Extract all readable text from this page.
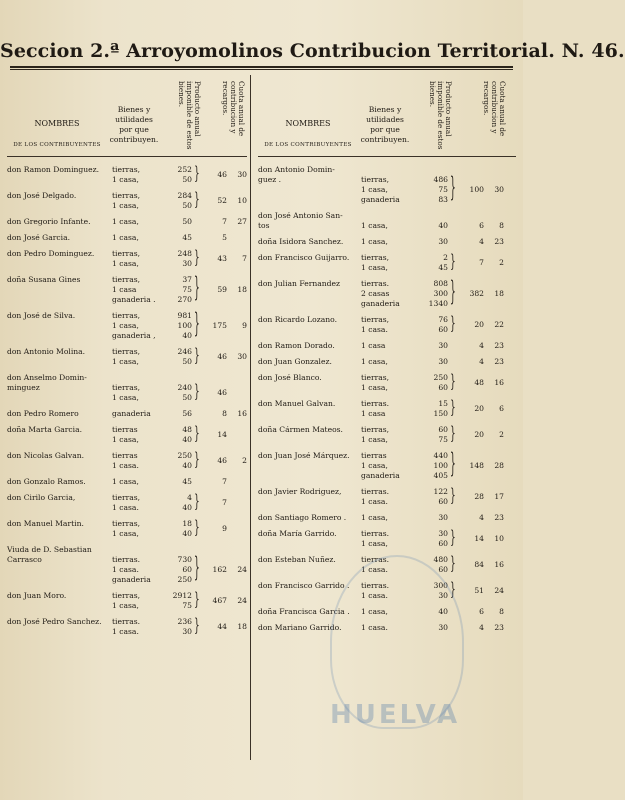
Seccion 2.ª Arroyomolinos Contribucion Territorial. N. 46.
NOMBRES
DE LOS CONTRIBUYENTES
Bienes y utilidades por que contribuyen.
Producto anual imponible de estos bienes.	Cuota anual de contribucion y recargos.
don Ramon Dominguez. tierras,	252
1 casa,	50 }	46 30
don José Delgado.	tierras,	284
1 casa,	50 }	52 10
don Gregorio Infante.	1 casa,	50	7 27
don José Garcia.	1 casa,	45	5
don Pedro Dominguez. tierras,	248
1 casa,	30 }	43 7
doña Susana Gines	tierras,	37
1 casa	75
ganaderia .	270 }	59 18
don José de Silva.	tierras,	981
1 casa,	100
ganaderia ,	40 }	175 9
don Antonio Molina.	tierras,	246
1 casa,	50 }	46 30
don Anselmo Domin-
minguez	tierras,	240
1 casa,	50 }	46
don Pedro Romero	ganaderia	56	8 16
doña Marta Garcia.	tierras	48
1 casa,	40 }	14
don Nicolas Galvan.	tierras	250
1 casa.	40 }	46 2
don Gonzalo Ramos.	1 casa,	45	7
don Cirilo Garcia,	tierras,	4
1 casa.	40 }	7
don Manuel Martin.	tierras,	18
1 casa,	40 }	9
Viuda de D. Sebastian
Carrasco	tierras.	730
1 casa.	60
ganaderia	250 }	162 24
don Juan Moro.	tierras,	2912
1 casa,	75 }	467 24
don José Pedro Sanchez. tierras.	236
1 casa.	30 }	44 18
NOMBRES
DE LOS CONTRIBUYENTES
Bienes y utilidades por que contribuyen.
Producto anual imponible de estos bienes.	Cuota anual de contribucion y recargos.
don Antonio Domin-
guez .	tierras,	486
1 casa,	75
ganaderia	83 }	100 30
don José Antonio San-
tos	1 casa,	40	6 8
doña Isidora Sanchez. 1 casa,	30	4 23
don Francisco Guijarro. tierras,	2
1 casa,	45 }	7 2
don Julian Fernandez	tierras.	808
2 casas	300
ganaderia	1340 }	382 18
don Ricardo Lozano.	tierras,	76
1 casa.	60 }	20 22
don Ramon Dorado.	1 casa	30	4 23
don Juan Gonzalez.	1 casa,	30	4 23
don José Blanco.	tierras,	250
1 casa,	60 }	48 16
don Manuel Galvan.	tierras.	15
1 casa	150 }	20 6
doña Cármen Mateos. tierras,	60
1 casa,	75 }	20 2
don Juan José Márquez. tierras	440
1 casa,	100
ganaderia	405 }	148 28
don Javier Rodriguez,	tierras.	122
1 casa.	60 }	28 17
don Santiago Romero . 1 casa,	30	4 23
doña María Garrido.	tierras.	30
1 casa,	60 }	14 10
don Esteban Nuñez.	tierras.	480
1 casa.	60 }	84 16
don Francisco Garrido . tierras.	300
1 casa.	30 }	51 24
doña Francisca Garcia . 1 casa,	40	6 8
don Mariano Garrido.	1 casa.	30	4 23
HUELVA
